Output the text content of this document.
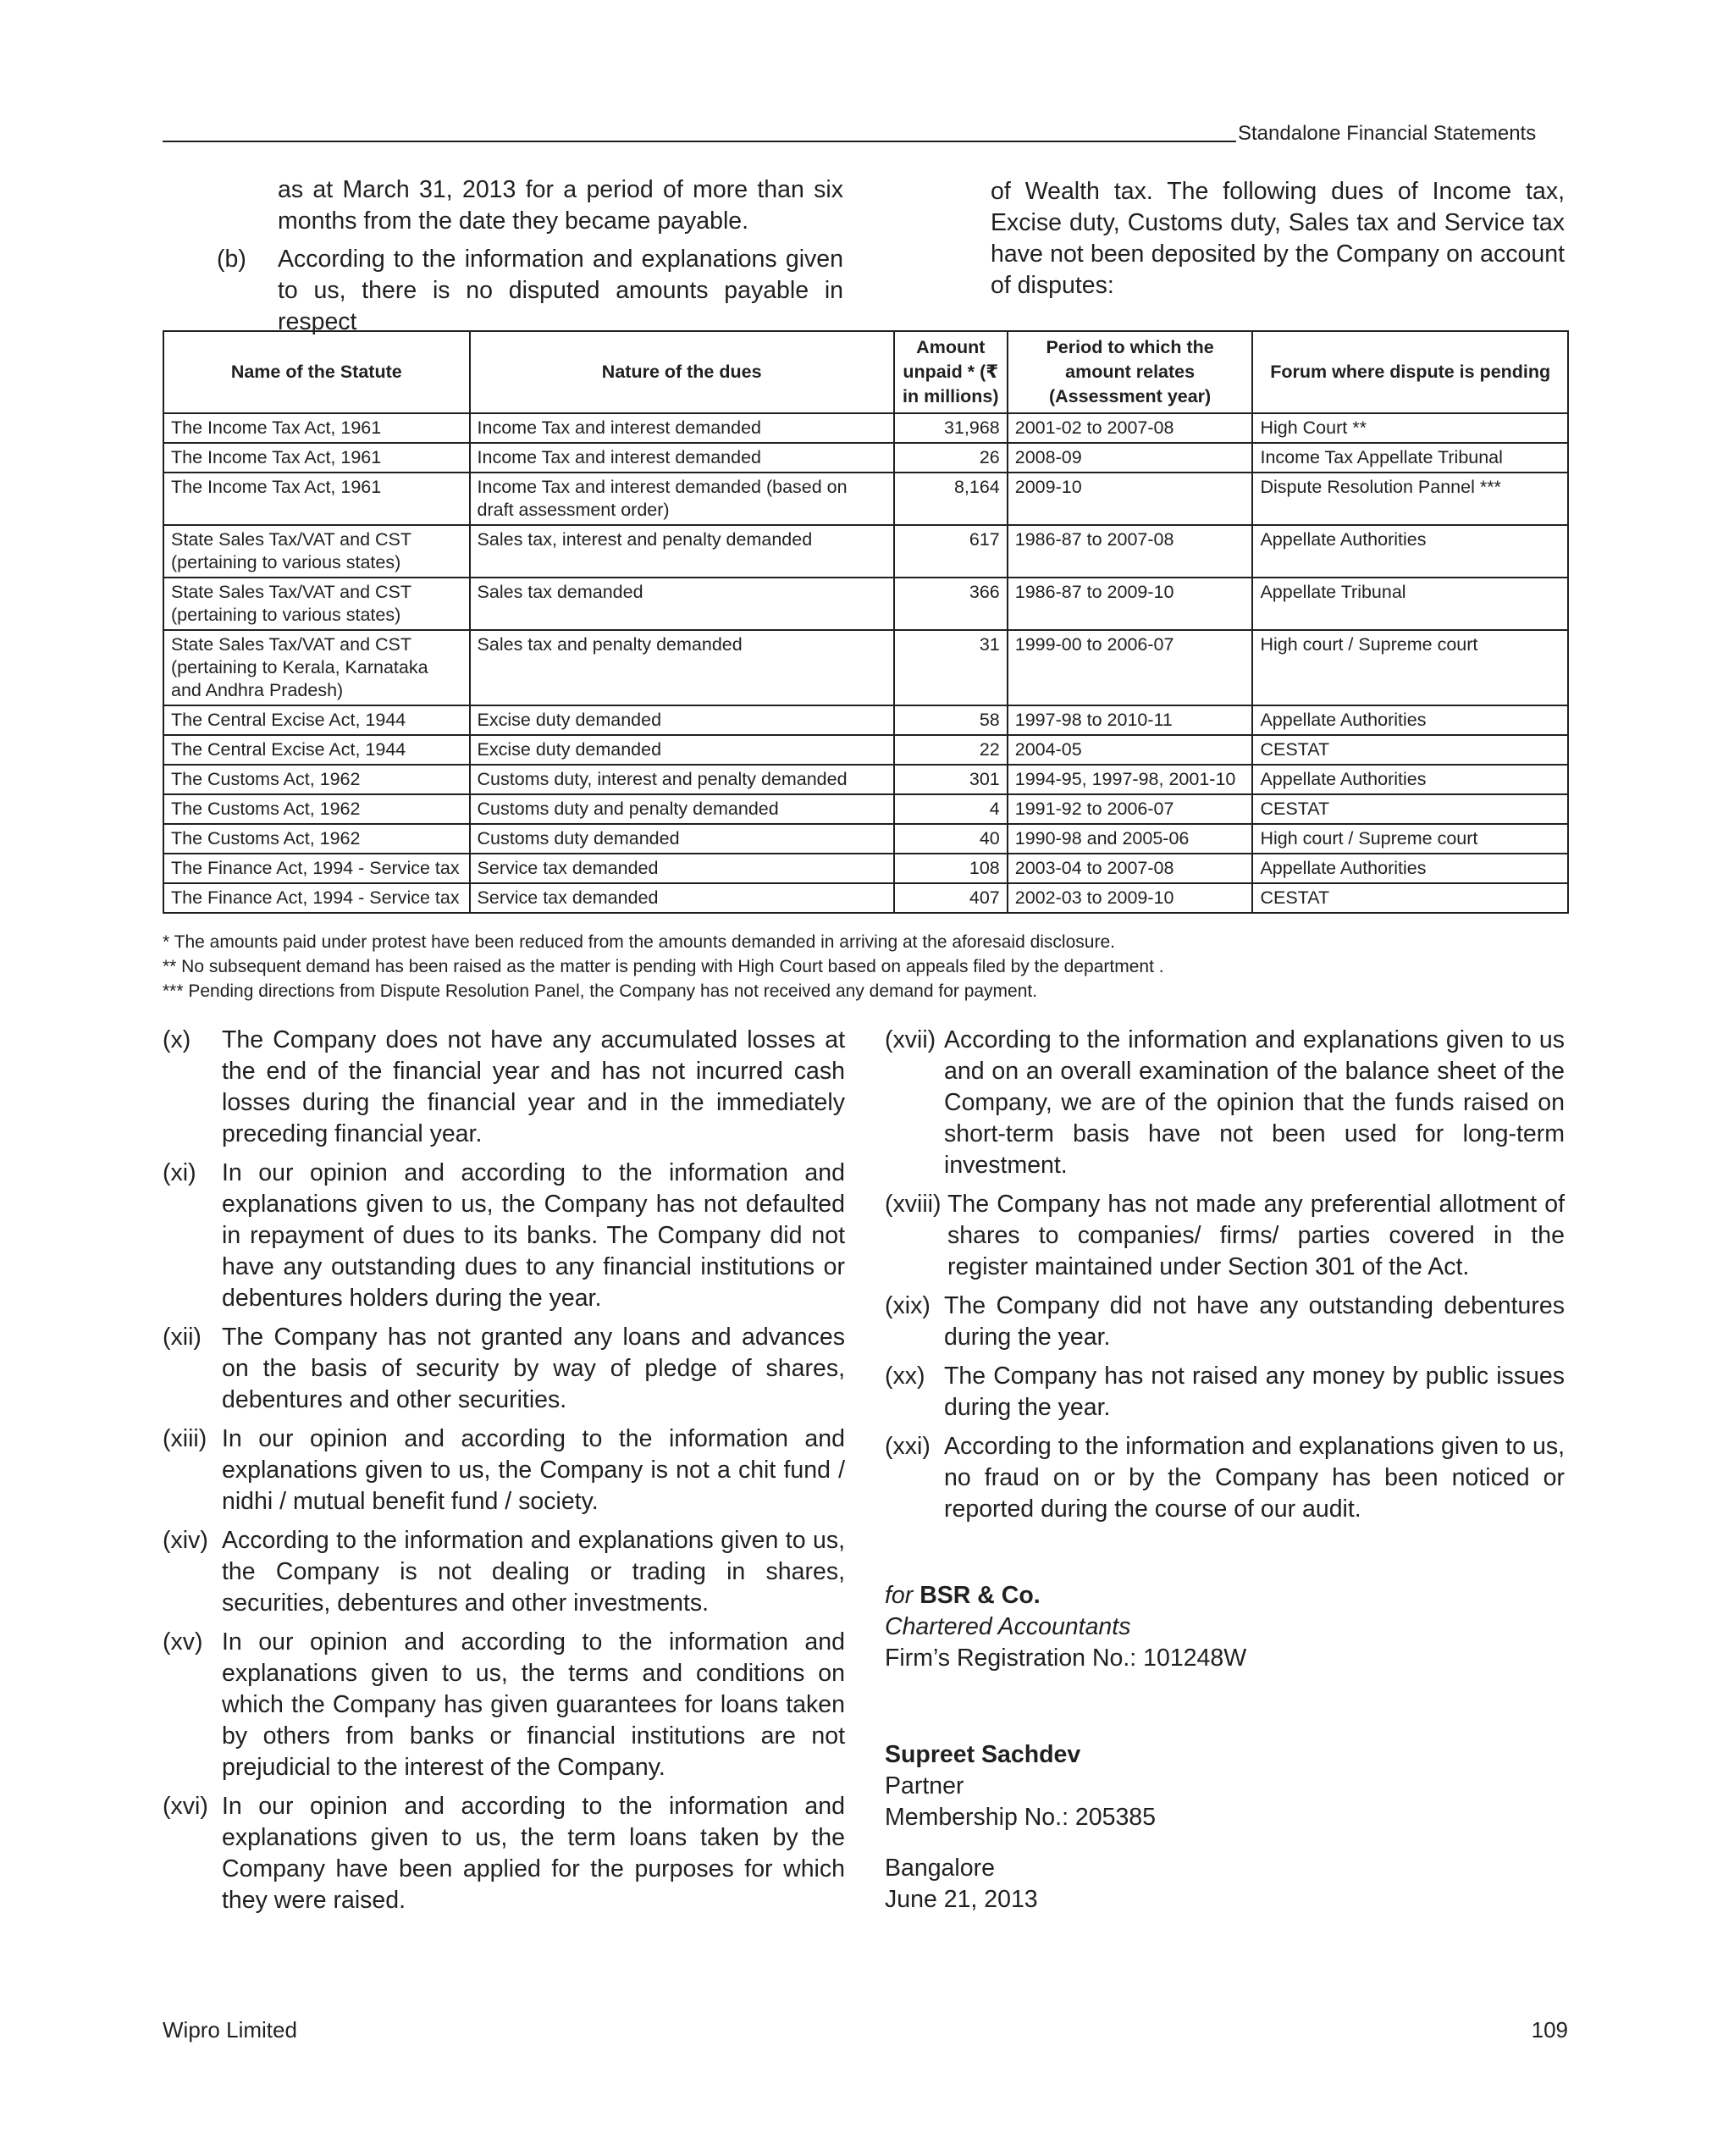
Standalone Financial Statements
as at March 31, 2013 for a period of more than six months from the date they became payable.
(b) According to the information and explanations given to us, there is no disputed amounts payable in respect
of Wealth tax. The following dues of Income tax, Excise duty, Customs duty, Sales tax and Service tax have not been deposited by the Company on account of disputes:
Name of the Statute	Nature of the dues	Amount unpaid * (₹ in millions)	Period to which the amount relates (Assessment year)	Forum where dispute is pending
The Income Tax Act, 1961	Income Tax and interest demanded	31,968	2001-02 to 2007-08	High Court **
The Income Tax Act, 1961	Income Tax and interest demanded	26	2008-09	Income Tax Appellate Tribunal
The Income Tax Act, 1961	Income Tax and interest demanded (based on draft assessment order)	8,164	2009-10	Dispute Resolution Pannel ***
State Sales Tax/VAT and CST (pertaining to various states)	Sales tax, interest and penalty demanded	617	1986-87 to 2007-08	Appellate Authorities
State Sales Tax/VAT and CST (pertaining to various states)	Sales tax demanded	366	1986-87 to 2009-10	Appellate Tribunal
State Sales Tax/VAT and CST (pertaining to Kerala, Karnataka and Andhra Pradesh)	Sales tax and penalty demanded	31	1999-00 to 2006-07	High court / Supreme court
The Central Excise Act, 1944	Excise duty demanded	58	1997-98 to 2010-11	Appellate Authorities
The Central Excise Act, 1944	Excise duty demanded	22	2004-05	CESTAT
The Customs Act, 1962	Customs duty, interest and penalty demanded	301	1994-95, 1997-98, 2001-10	Appellate Authorities
The Customs Act, 1962	Customs duty and penalty demanded	4	1991-92 to 2006-07	CESTAT
The Customs Act, 1962	Customs duty demanded	40	1990-98 and 2005-06	High court / Supreme court
The Finance Act, 1994 - Service tax	Service tax demanded	108	2003-04 to 2007-08	Appellate Authorities
The Finance Act, 1994 - Service tax	Service tax demanded	407	2002-03 to 2009-10	CESTAT
* The amounts paid under protest have been reduced from the amounts demanded in arriving at the aforesaid disclosure.
** No subsequent demand has been raised as the matter is pending with High Court based on appeals filed by the department .
*** Pending directions from Dispute Resolution Panel, the Company has not received any demand for payment.
(x) The Company does not have any accumulated losses at the end of the financial year and has not incurred cash losses during the financial year and in the immediately preceding financial year.
(xi) In our opinion and according to the information and explanations given to us, the Company has not defaulted in repayment of dues to its banks. The Company did not have any outstanding dues to any financial institutions or debentures holders during the year.
(xii) The Company has not granted any loans and advances on the basis of security by way of pledge of shares, debentures and other securities.
(xiii) In our opinion and according to the information and explanations given to us, the Company is not a chit fund / nidhi / mutual benefit fund / society.
(xiv) According to the information and explanations given to us, the Company is not dealing or trading in shares, securities, debentures and other investments.
(xv) In our opinion and according to the information and explanations given to us, the terms and conditions on which the Company has given guarantees for loans taken by others from banks or financial institutions are not prejudicial to the interest of the Company.
(xvi) In our opinion and according to the information and explanations given to us, the term loans taken by the Company have been applied for the purposes for which they were raised.
(xvii) According to the information and explanations given to us and on an overall examination of the balance sheet of the Company, we are of the opinion that the funds raised on short-term basis have not been used for long-term investment.
(xviii) The Company has not made any preferential allotment of shares to companies/ firms/ parties covered in the register maintained under Section 301 of the Act.
(xix) The Company did not have any outstanding debentures during the year.
(xx) The Company has not raised any money by public issues during the year.
(xxi) According to the information and explanations given to us, no fraud on or by the Company has been noticed or reported during the course of our audit.
for BSR & Co.
Chartered Accountants
Firm’s Registration No.: 101248W
Supreet Sachdev
Partner
Membership No.: 205385
Bangalore
June 21, 2013
Wipro Limited	109
